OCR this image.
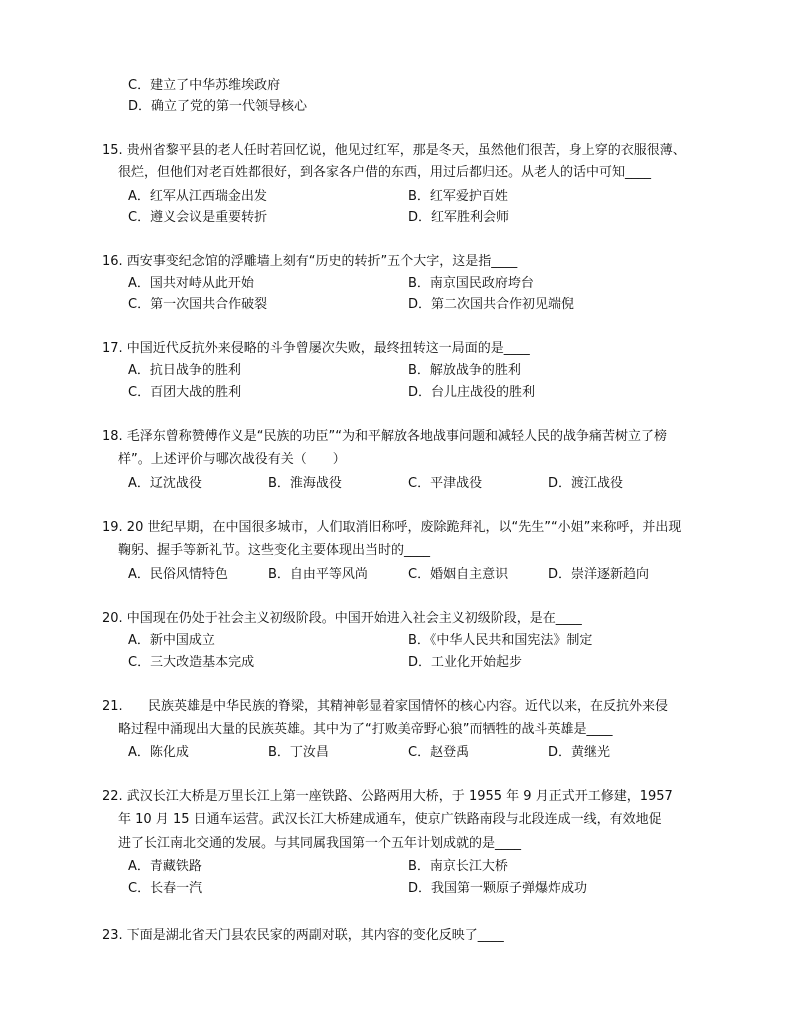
C．建立了中华苏维埃政府
D．确立了党的第一代领导核心
15. 贵州省黎平县的老人任时若回忆说，他见过红军，那是冬天，虽然他们很苦，身上穿的衣服很薄、
很烂，但他们对老百姓都很好，到各家各户借的东西，用过后都归还。从老人的话中可知____
A．红军从江西瑞金出发	B．红军爱护百姓
C．遵义会议是重要转折	D．红军胜利会师
16. 西安事变纪念馆的浮雕墙上刻有“历史的转折”五个大字，这是指____
A．国共对峙从此开始	B．南京国民政府垮台
C．第一次国共合作破裂	D．第二次国共合作初见端倪
17. 中国近代反抗外来侵略的斗争曾屡次失败，最终扭转这一局面的是____
A．抗日战争的胜利	B．解放战争的胜利
C．百团大战的胜利	D．台儿庄战役的胜利
18. 毛泽东曾称赞傅作义是“民族的功臣”“为和平解放各地战事问题和减轻人民的战争痛苦树立了榜
样”。上述评价与哪次战役有关（　　）
A．辽沈战役	B．淮海战役	C．平津战役	D．渡江战役
19. 20 世纪早期，在中国很多城市，人们取消旧称呼，废除跪拜礼，以“先生”“小姐”来称呼，并出现
鞠躬、握手等新礼节。这些变化主要体现出当时的____
A．民俗风情特色	B．自由平等风尚	C．婚姻自主意识	D．崇洋逐新趋向
20. 中国现在仍处于社会主义初级阶段。中国开始进入社会主义初级阶段，是在____
A．新中国成立	B．《中华人民共和国宪法》制定
C．三大改造基本完成	D．工业化开始起步
21. 民族英雄是中华民族的脊梁，其精神彰显着家国情怀的核心内容。近代以来，在反抗外来侵
略过程中涌现出大量的民族英雄。其中为了“打败美帝野心狼”而牺牲的战斗英雄是____
A．陈化成	B．丁汝昌	C．赵登禹	D．黄继光
22. 武汉长江大桥是万里长江上第一座铁路、公路两用大桥，于 1955 年 9 月正式开工修建，1957
年 10 月 15 日通车运营。武汉长江大桥建成通车，使京广铁路南段与北段连成一线，有效地促
进了长江南北交通的发展。与其同属我国第一个五年计划成就的是____
A．青藏铁路	B．南京长江大桥
C．长春一汽	D．我国第一颗原子弹爆炸成功
23. 下面是湖北省天门县农民家的两副对联，其内容的变化反映了____
